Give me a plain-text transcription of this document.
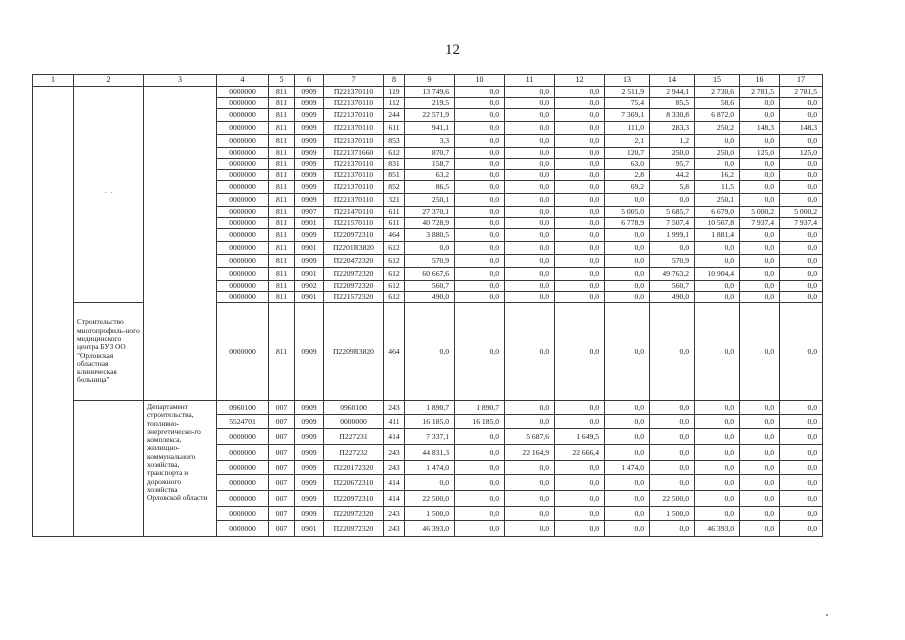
12
1	2	3	4	5	6	7	8	9	10	11	12	13	14	15	16	17
	· ·		0000000	811	0909	П221370110	119	13 749,6	0,0	0,0	0,0	2 511,9	2 944,1	2 730,6	2 781,5	2 781,5
			0000000	811	0909	П221370110	112	219,5	0,0	0,0	0,0	75,4	85,5	58,6	0,0	0,0
			0000000	811	0909	П221370110	244	22 571,9	0,0	0,0	0,0	7 369,1	8 330,8	6 872,0	0,0	0,0
			0000000	811	0909	П221370110	611	941,1	0,0	0,0	0,0	111,0	283,3	250,2	148,3	148,3
			0000000	811	0909	П221370110	853	3,3	0,0	0,0	0,0	2,1	1,2	0,0	0,0	0,0
			0000000	811	0909	П221371660	612	870,7	0,0	0,0	0,0	120,7	250,0	250,0	125,0	125,0
			0000000	811	0909	П221370110	831	158,7	0,0	0,0	0,0	63,0	95,7	0,0	0,0	0,0
			0000000	811	0909	П221370110	851	63,2	0,0	0,0	0,0	2,8	44,2	16,2	0,0	0,0
			0000000	811	0909	П221370110	852	86,5	0,0	0,0	0,0	69,2	5,8	11,5	0,0	0,0
			0000000	811	0909	П221370110	321	250,1	0,0	0,0	0,0	0,0	0,0	250,1	0,0	0,0
			0000000	811	0907	П221470110	611	27 370,1	0,0	0,0	0,0	5 005,0	5 685,7	6 679,0	5 000,2	5 000,2
			0000000	811	0901	П221570110	611	40 728,9	0,0	0,0	0,0	6 778,9	7 507,4	10 567,8	7 937,4	7 937,4
			0000000	811	0909	П220972310	464	3 880,5	0,0	0,0	0,0	0,0	1 999,1	1 881,4	0,0	0,0
			0000000	811	0901	П2201R3820	612	0,0	0,0	0,0	0,0	0,0	0,0	0,0	0,0	0,0
			0000000	811	0909	П220472320	612	570,9	0,0	0,0	0,0	0,0	570,9	0,0	0,0	0,0
			0000000	811	0901	П220972320	612	60 667,6	0,0	0,0	0,0	0,0	49 763,2	10 904,4	0,0	0,0
			0000000	811	0902	П220972320	612	560,7	0,0	0,0	0,0	0,0	560,7	0,0	0,0	0,0
			0000000	811	0901	П221572320	612	490,0	0,0	0,0	0,0	0,0	490,0	0,0	0,0	0,0
	Строительство многопрофиль-ного медицинского центра БУЗ ОО "Орловская областная клиническая больница"		0000000	811	0909	П2209R3820	464	0,0	0,0	0,0	0,0	0,0	0,0	0,0	0,0	0,0

		Департамент строительства, топливно-энергетическо-го комплекса, жилищно-коммунального хозяйства, транспорта и дорожного хозяйства Орловской области	0960100	007	0909	0960100	243	1 890,7	1 890,7	0,0	0,0	0,0	0,0	0,0	0,0	0,0
			5524701	007	0909	0000000	411	16 185,0	16 185,0	0,0	0,0	0,0	0,0	0,0	0,0	0,0
			0000000	007	0909	П227231	414	7 337,1	0,0	5 687,6	1 649,5	0,0	0,0	0,0	0,0	0,0
			0000000	007	0909	П227232	243	44 831,3	0,0	22 164,9	22 666,4	0,0	0,0	0,0	0,0	0,0
			0000000	007	0909	П220172320	243	1 474,0	0,0	0,0	0,0	1 474,0	0,0	0,0	0,0	0,0
			0000000	007	0909	П220672310	414	0,0	0,0	0,0	0,0	0,0	0,0	0,0	0,0	0,0
			0000000	007	0909	П220972310	414	22 500,0	0,0	0,0	0,0	0,0	22 500,0	0,0	0,0	0,0
			0000000	007	0909	П220972320	243	1 500,0	0,0	0,0	0,0	0,0	1 500,0	0,0	0,0	0,0
			0000000	007	0901	П220972320	243	46 393,0	0,0	0,0	0,0	0,0	0,0	46 393,0	0,0	0,0
